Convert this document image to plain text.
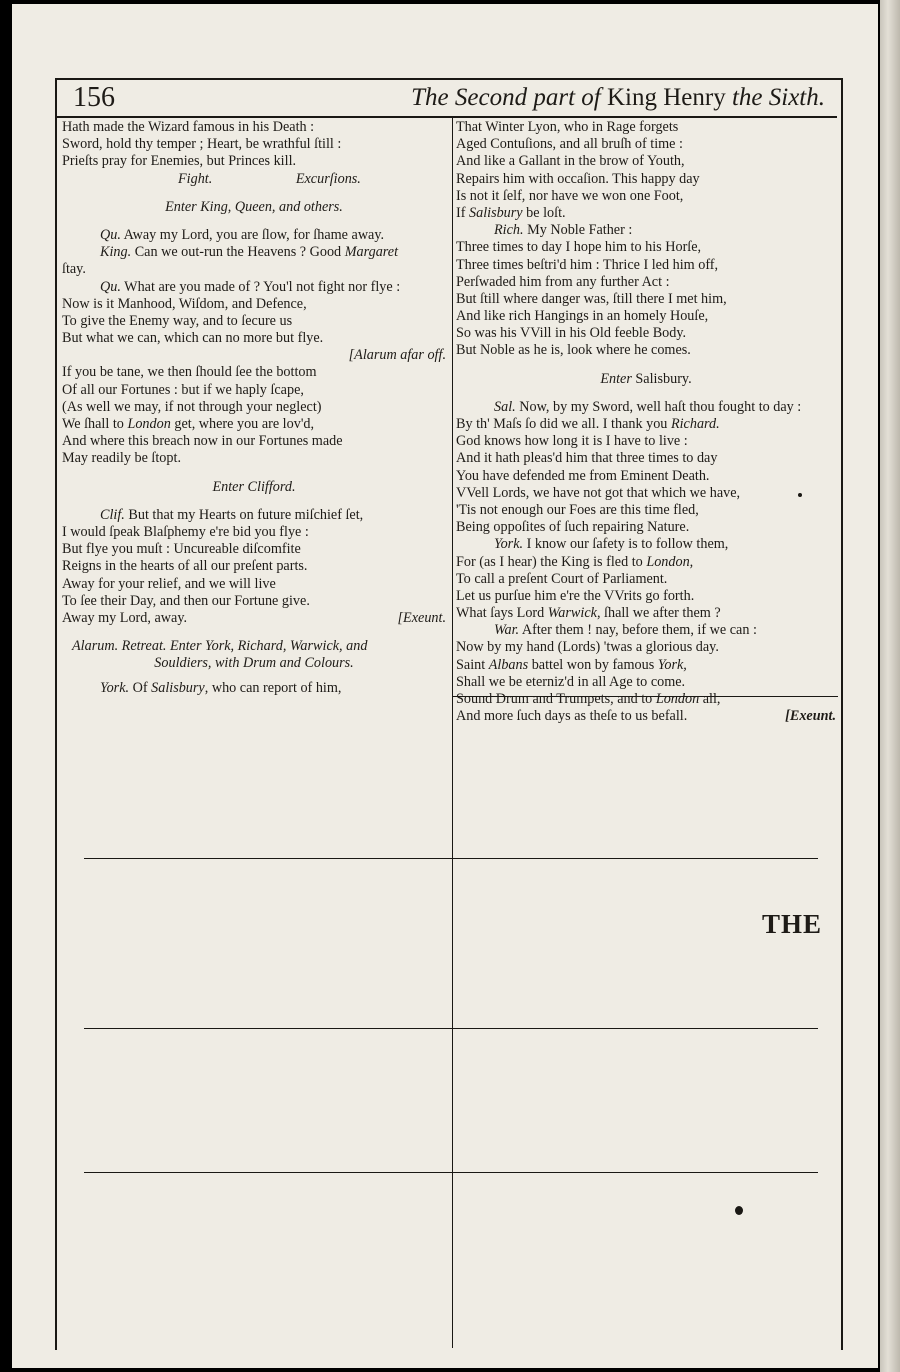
156	The Second part of King Henry the Sixth.
Hath made the Wizard famous in his Death :
Sword, hold thy temper ; Heart, be wrathful ſtill :
Prieſts pray for Enemies, but Princes kill.
Fight.	Excurſions.
Enter King, Queen, and others.
Qu. Away my Lord, you are ſlow, for ſhame away.
King. Can we out-run the Heavens ? Good Margaret
ſtay.
Qu. What are you made of ? You'l not fight nor flye :
Now is it Manhood, Wiſdom, and Defence,
To give the Enemy way, and to ſecure us
But what we can, which can no more but flye.
[Alarum afar off.
If you be tane, we then ſhould ſee the bottom
Of all our Fortunes : but if we haply ſcape,
(As well we may, if not through your neglect)
We ſhall to London get, where you are lov'd,
And where this breach now in our Fortunes made
May readily be ſtopt.
Enter Clifford.
Clif. But that my Hearts on future miſchief ſet,
I would ſpeak Blaſphemy e're bid you flye :
But flye you muſt : Uncureable diſcomfite
Reigns in the hearts of all our preſent parts.
Away for your relief, and we will live
To ſee their Day, and then our Fortune give.
Away my Lord, away.	[Exeunt.
Alarum. Retreat. Enter York, Richard, Warwick, and
Souldiers, with Drum and Colours.
York. Of Salisbury, who can report of him,
That Winter Lyon, who in Rage forgets
Aged Contuſions, and all bruſh of time :
And like a Gallant in the brow of Youth,
Repairs him with occaſion. This happy day
Is not it ſelf, nor have we won one Foot,
If Salisbury be loſt.
Rich. My Noble Father :
Three times to day I hope him to his Horſe,
Three times beſtri'd him : Thrice I led him off,
Perſwaded him from any further Act :
But ſtill where danger was, ſtill there I met him,
And like rich Hangings in an homely Houſe,
So was his VVill in his Old feeble Body.
But Noble as he is, look where he comes.
Enter Salisbury.
Sal. Now, by my Sword, well haſt thou fought to day :
By th' Maſs ſo did we all. I thank you Richard.
God knows how long it is I have to live :
And it hath pleas'd him that three times to day
You have defended me from Eminent Death.
VVell Lords, we have not got that which we have,
'Tis not enough our Foes are this time fled,
Being oppoſites of ſuch repairing Nature.
York. I know our ſafety is to follow them,
For (as I hear) the King is fled to London,
To call a preſent Court of Parliament.
Let us purſue him e're the VVrits go forth.
What ſays Lord Warwick, ſhall we after them ?
War. After them ! nay, before them, if we can :
Now by my hand (Lords) 'twas a glorious day.
Saint Albans battel won by famous York,
Shall we be eterniz'd in all Age to come.
Sound Drum and Trumpets, and to London all,
And more ſuch days as theſe to us befall.	[Exeunt.
THE
